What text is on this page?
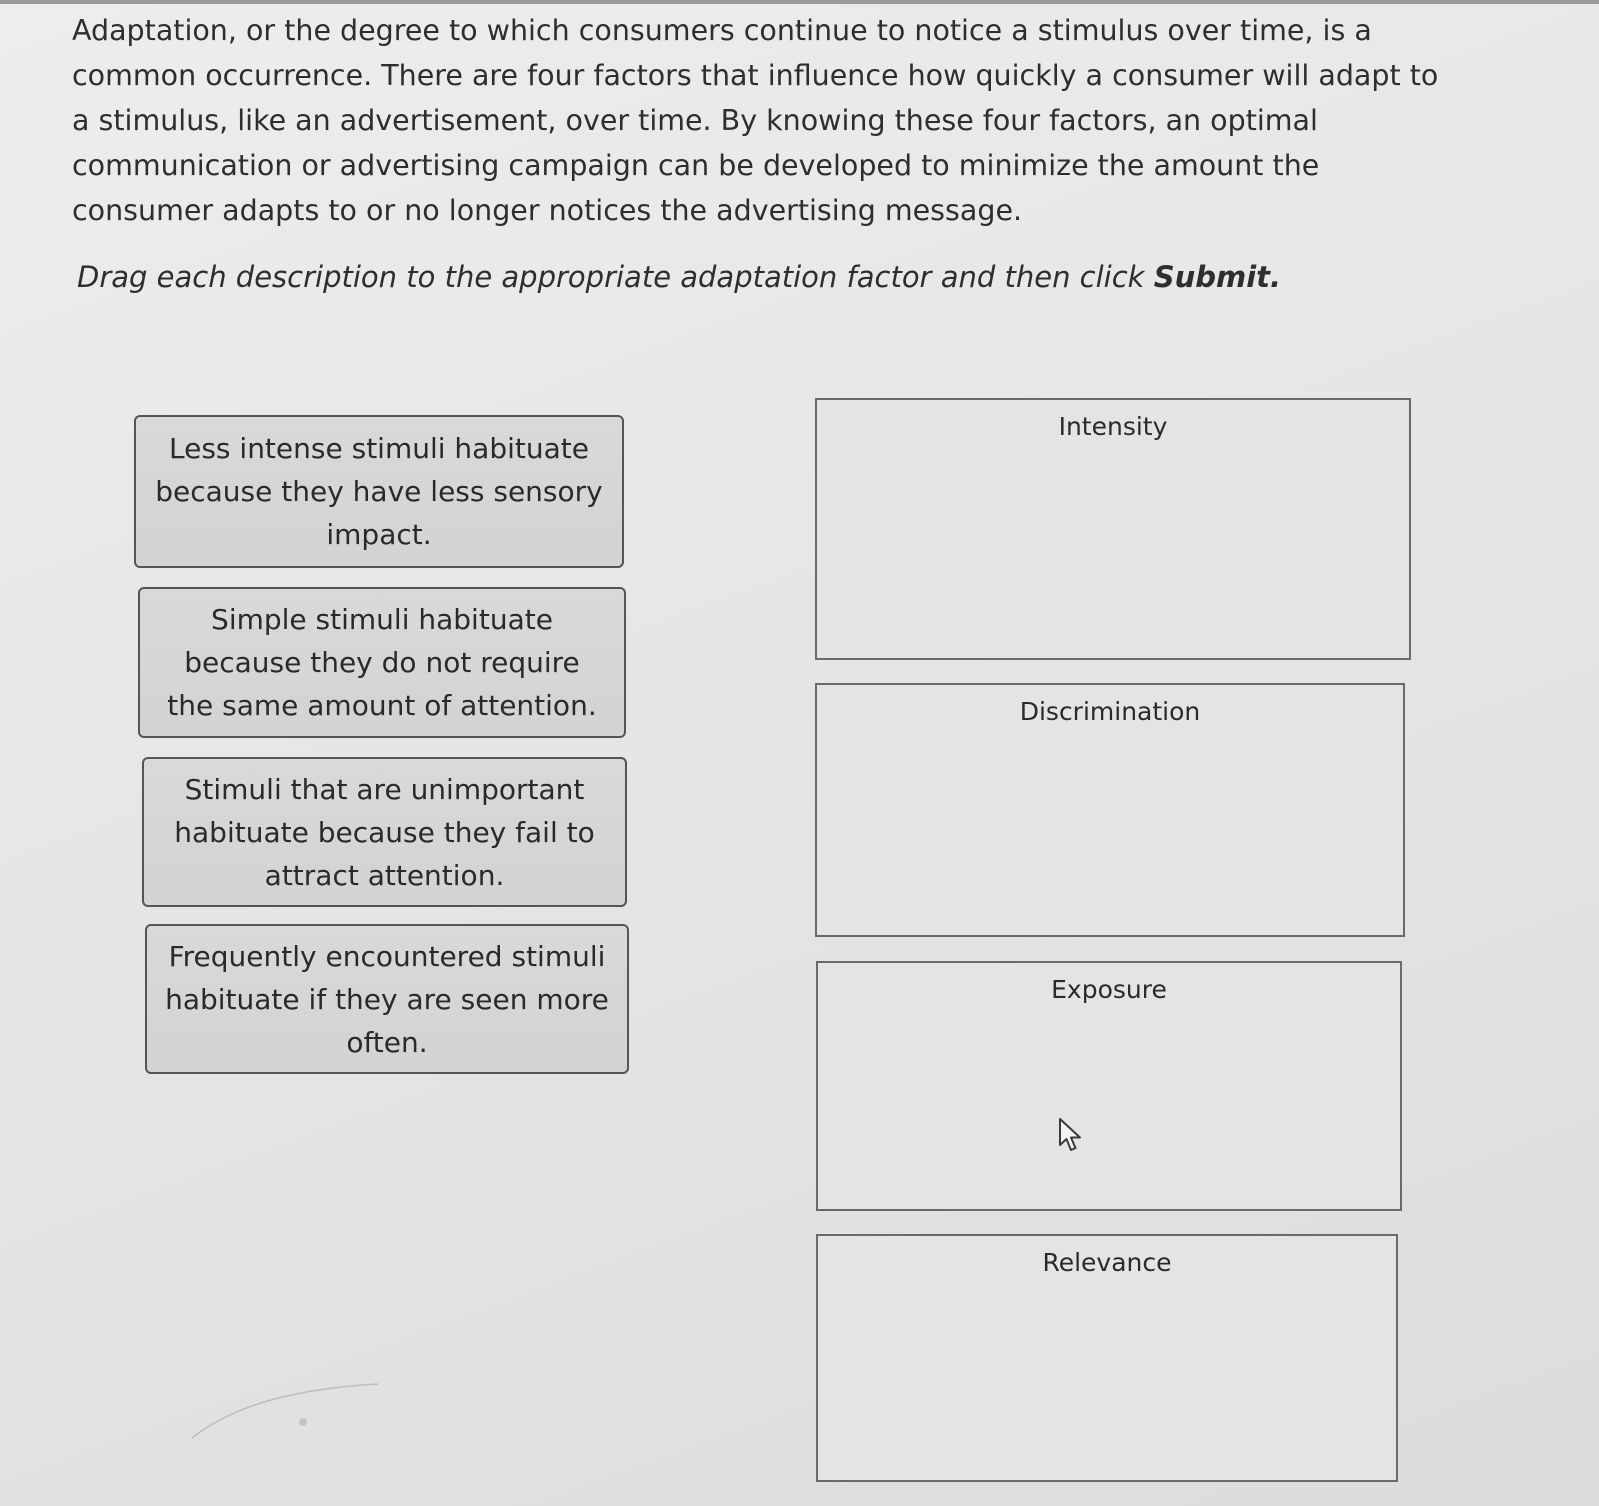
Adaptation, or the degree to which consumers continue to notice a stimulus over time, is a common occurrence. There are four factors that influence how quickly a consumer will adapt to a stimulus, like an advertisement, over time. By knowing these four factors, an optimal communication or advertising campaign can be developed to minimize the amount the consumer adapts to or no longer notices the advertising message.

Drag each description to the appropriate adaptation factor and then click Submit.

Less intense stimuli habituate because they have less sensory impact.
Simple stimuli habituate because they do not require the same amount of attention.
Stimuli that are unimportant habituate because they fail to attract attention.
Frequently encountered stimuli habituate if they are seen more often.
Intensity
Discrimination
Exposure
Relevance
